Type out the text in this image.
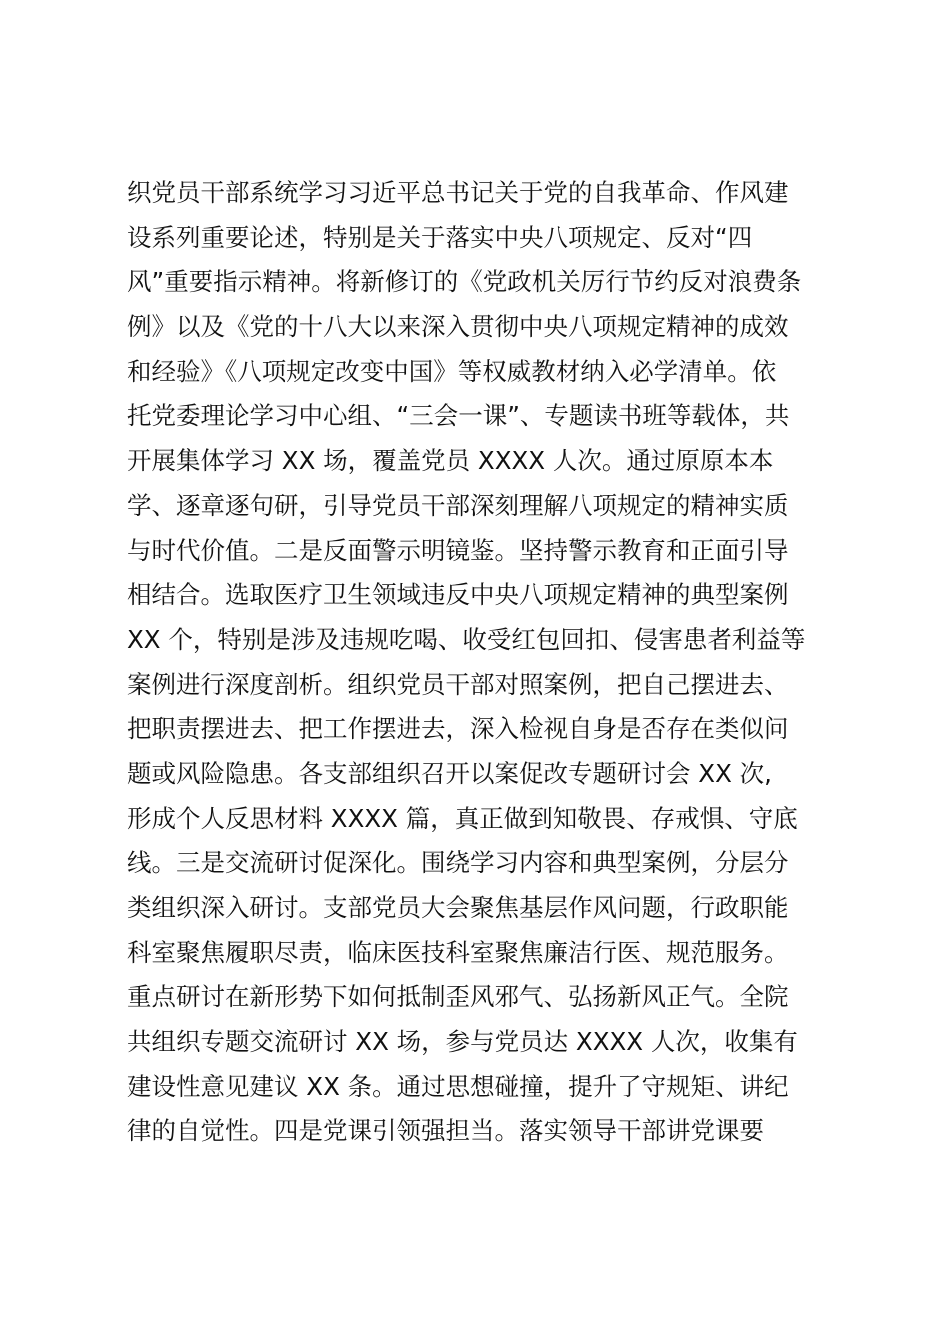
织党员干部系统学习习近平总书记关于党的自我革命、作风建
设系列重要论述，特别是关于落实中央八项规定、反对“四
风”重要指示精神。将新修订的《党政机关厉行节约反对浪费条
例》以及《党的十八大以来深入贯彻中央八项规定精神的成效
和经验》《八项规定改变中国》等权威教材纳入必学清单。依
托党委理论学习中心组、“三会一课”、专题读书班等载体，共
开展集体学习 XX 场，覆盖党员 XXXX 人次。通过原原本本
学、逐章逐句研，引导党员干部深刻理解八项规定的精神实质
与时代价值。二是反面警示明镜鉴。坚持警示教育和正面引导
相结合。选取医疗卫生领域违反中央八项规定精神的典型案例
XX 个，特别是涉及违规吃喝、收受红包回扣、侵害患者利益等
案例进行深度剖析。组织党员干部对照案例，把自己摆进去、
把职责摆进去、把工作摆进去，深入检视自身是否存在类似问
题或风险隐患。各支部组织召开以案促改专题研讨会 XX 次,
形成个人反思材料 XXXX 篇，真正做到知敬畏、存戒惧、守底
线。三是交流研讨促深化。围绕学习内容和典型案例，分层分
类组织深入研讨。支部党员大会聚焦基层作风问题，行政职能
科室聚焦履职尽责，临床医技科室聚焦廉洁行医、规范服务。
重点研讨在新形势下如何抵制歪风邪气、弘扬新风正气。全院
共组织专题交流研讨 XX 场，参与党员达 XXXX 人次，收集有
建设性意见建议 XX 条。通过思想碰撞，提升了守规矩、讲纪
律的自觉性。四是党课引领强担当。落实领导干部讲党课要
